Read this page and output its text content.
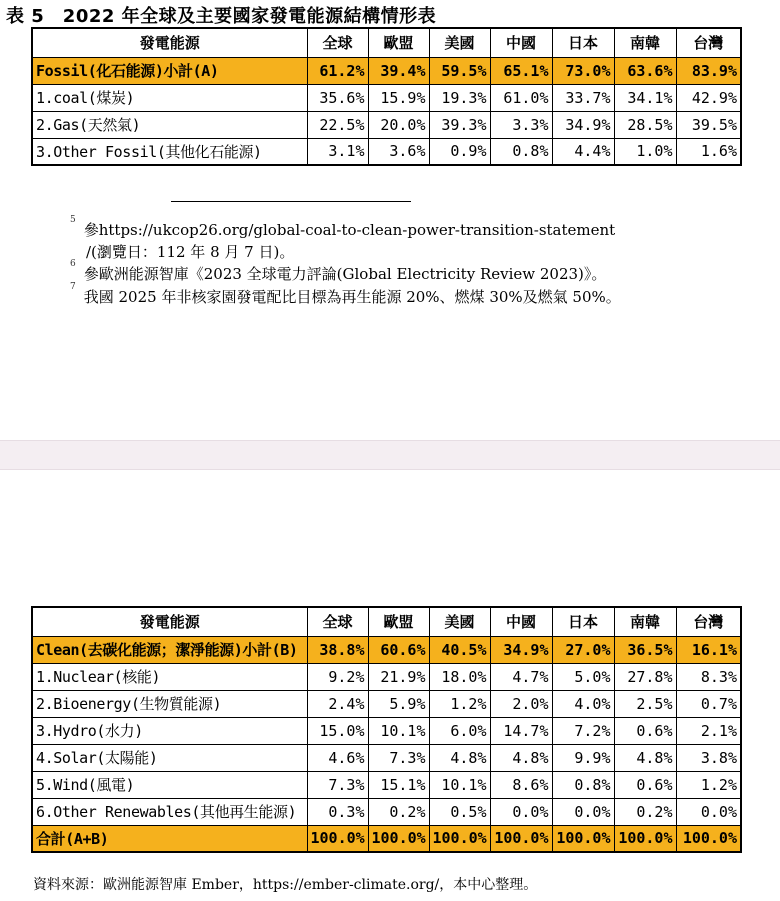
表 5　2022 年全球及主要國家發電能源結構情形表
發電能源	全球	歐盟	美國	中國	日本	南韓	台灣
Fossil(化石能源)小計(A)	61.2%	39.4%	59.5%	65.1%	73.0%	63.6%	83.9%
1.coal(煤炭)	35.6%	15.9%	19.3%	61.0%	33.7%	34.1%	42.9%
2.Gas(天然氣)	22.5%	20.0%	39.3%	3.3%	34.9%	28.5%	39.5%
3.Other Fossil(其他化石能源)	3.1%	3.6%	0.9%	0.8%	4.4%	1.0%	1.6%
$^5$參https://ukcop26.org/global-coal-to-clean-power-transition-statement
/(瀏覽日：112 年 8 月 7 日)。
$^6$參歐洲能源智庫《2023 全球電力評論(Global Electricity Review 2023)》。
$^7$我國 2025 年非核家園發電配比目標為再生能源 20%、燃煤 30%及燃氣 50%。
發電能源	全球	歐盟	美國	中國	日本	南韓	台灣
Clean(去碳化能源；潔淨能源)小計(B)	38.8%	60.6%	40.5%	34.9%	27.0%	36.5%	16.1%
1.Nuclear(核能)	9.2%	21.9%	18.0%	4.7%	5.0%	27.8%	8.3%
2.Bioenergy(生物質能源)	2.4%	5.9%	1.2%	2.0%	4.0%	2.5%	0.7%
3.Hydro(水力)	15.0%	10.1%	6.0%	14.7%	7.2%	0.6%	2.1%
4.Solar(太陽能)	4.6%	7.3%	4.8%	4.8%	9.9%	4.8%	3.8%
5.Wind(風電)	7.3%	15.1%	10.1%	8.6%	0.8%	0.6%	1.2%
6.Other Renewables(其他再生能源)	0.3%	0.2%	0.5%	0.0%	0.0%	0.2%	0.0%
合計(A+B)	100.0%	100.0%	100.0%	100.0%	100.0%	100.0%	100.0%
資料來源：歐洲能源智庫 Ember，https://ember-climate.org/，本中心整理。
